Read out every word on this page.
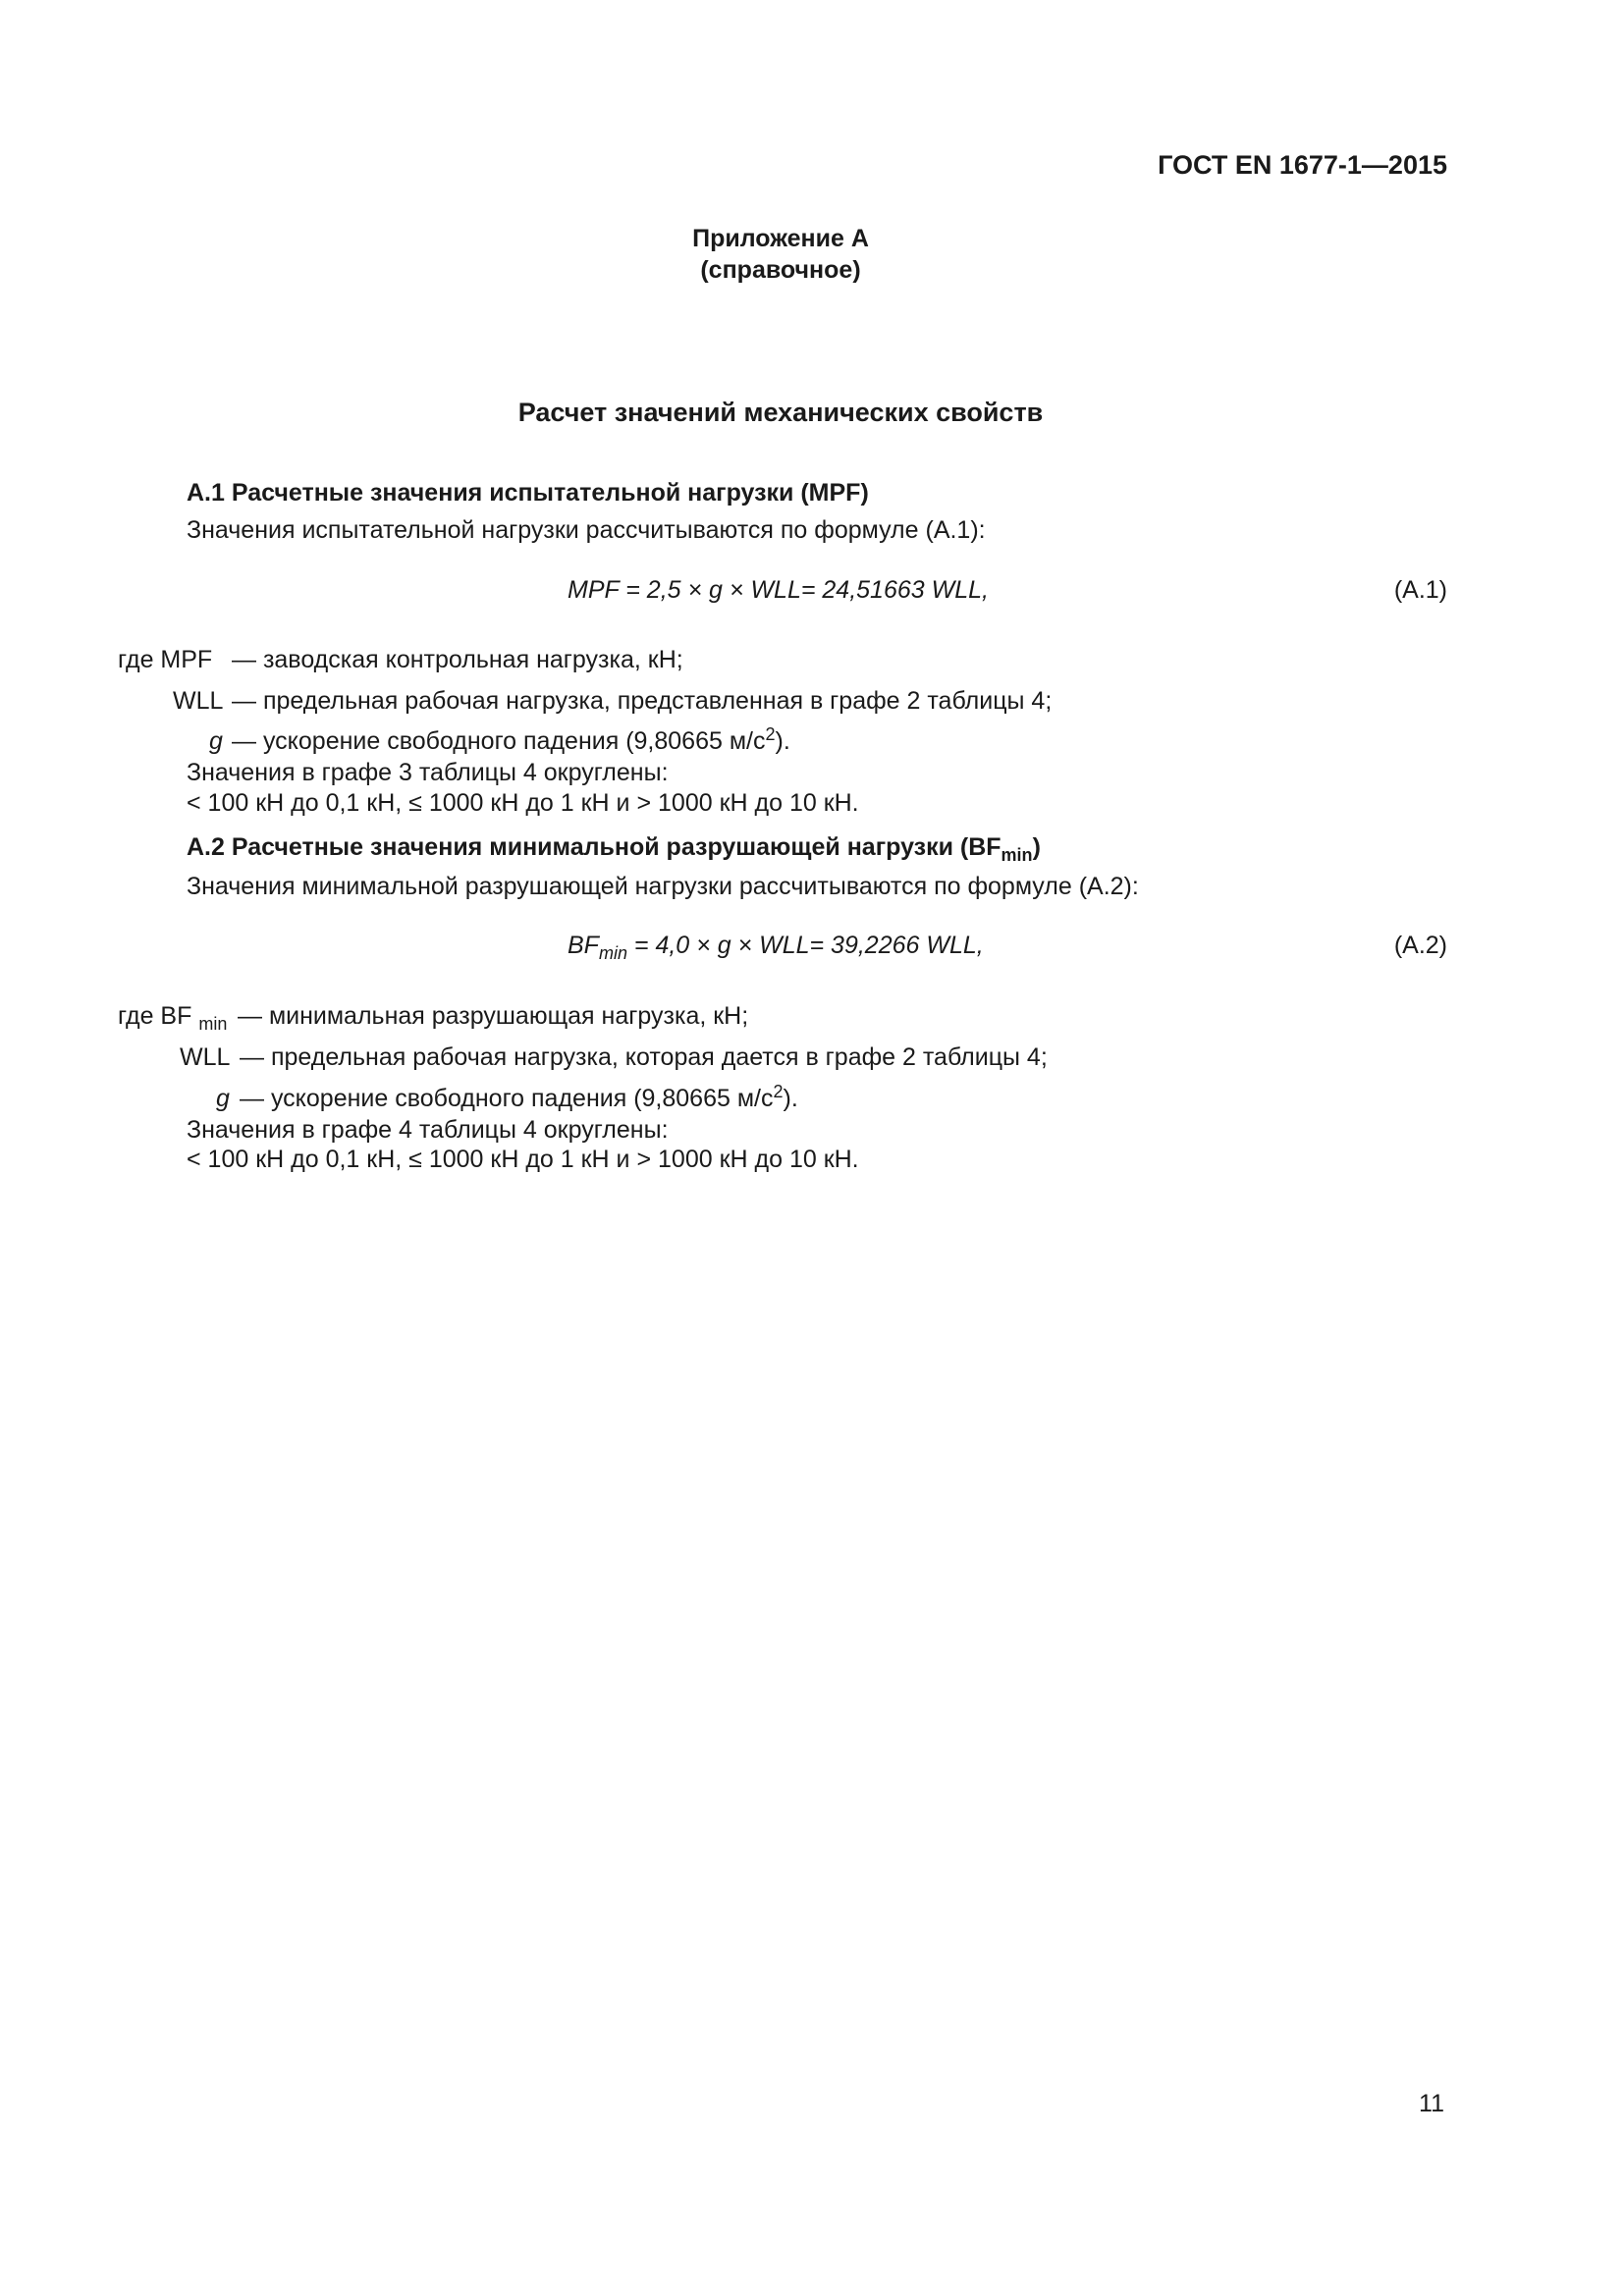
ГОСТ EN 1677-1—2015
Приложение А
(справочное)
Расчет значений механических свойств
А.1 Расчетные значения испытательной нагрузки (MPF)
Значения испытательной нагрузки рассчитываются по формуле (А.1):
MPF = 2,5 × g × WLL= 24,51663 WLL,	(А.1)
где MPF — заводская контрольная нагрузка, кН;
WLL — предельная рабочая нагрузка, представленная в графе 2 таблицы 4;
g — ускорение свободного падения (9,80665 $м/с^2$).
Значения в графе 3 таблицы 4 округлены:
< 100 кН до 0,1 кН, ≤ 1000 кН до 1 кН и > 1000 кН до 10 кН.
А.2 Расчетные значения минимальной разрушающей нагрузки $(BF_{min})$
Значения минимальной разрушающей нагрузки рассчитываются по формуле (А.2):
$BF_{min} = 4,0 \times g \times WLL= 39,2266$ WLL,	(А.2)
где BF $_{min}$ — минимальная разрушающая нагрузка, кН;
WLL — предельная рабочая нагрузка, которая дается в графе 2 таблицы 4;
g — ускорение свободного падения (9,80665 $м/с^2$).
Значения в графе 4 таблицы 4 округлены:
< 100 кН до 0,1 кН, ≤ 1000 кН до 1 кН и > 1000 кН до 10 кН.
11
